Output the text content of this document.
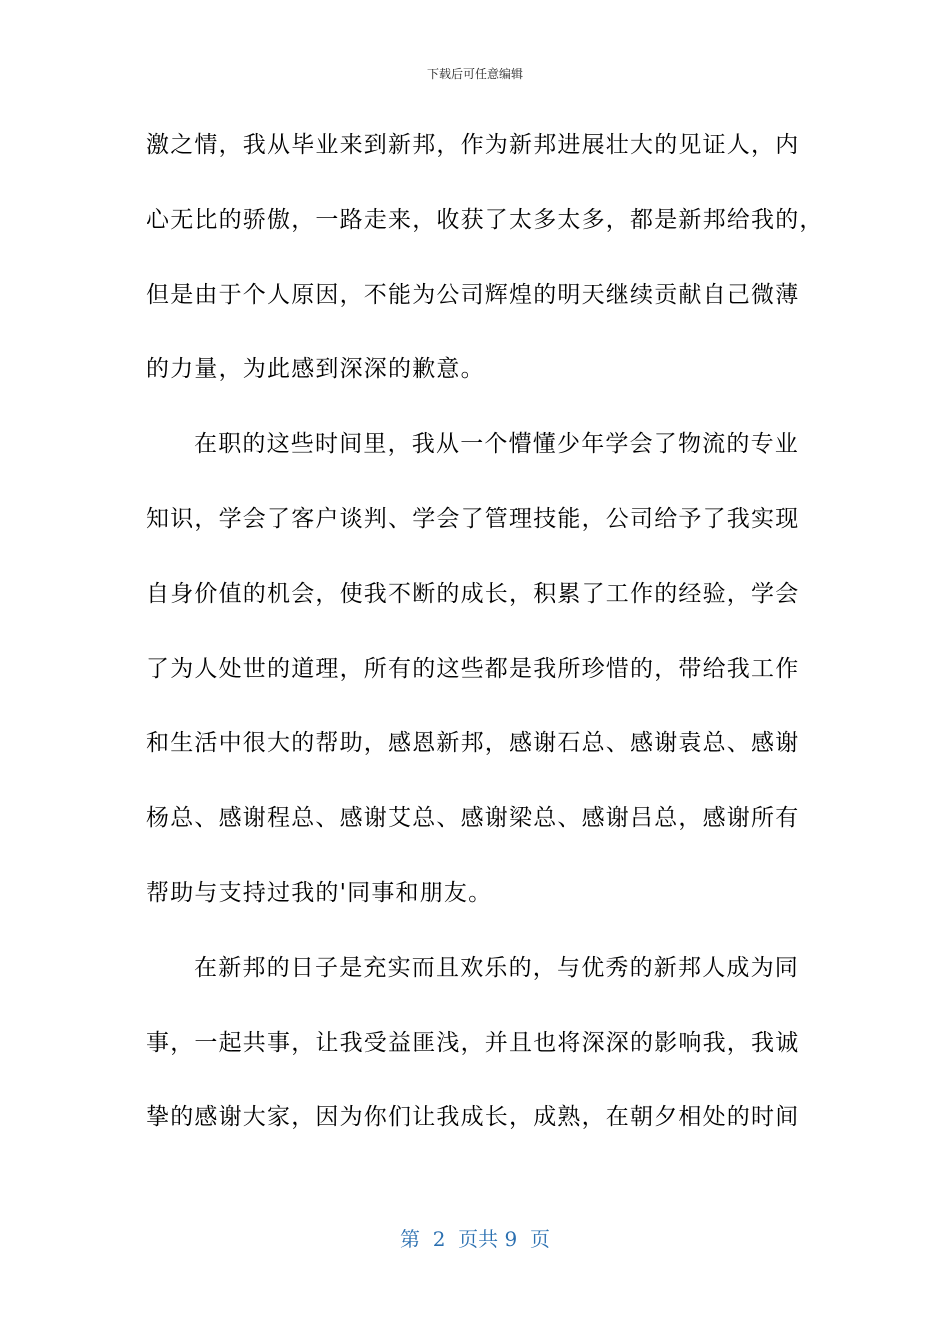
下载后可任意编辑
激之情，我从毕业来到新邦，作为新邦进展壮大的见证人，内
心无比的骄傲，一路走来，收获了太多太多，都是新邦给我的，
但是由于个人原因，不能为公司辉煌的明天继续贡献自己微薄
的力量，为此感到深深的歉意。
在职的这些时间里，我从一个懵懂少年学会了物流的专业
知识，学会了客户谈判、学会了管理技能，公司给予了我实现
自身价值的机会，使我不断的成长，积累了工作的经验，学会
了为人处世的道理，所有的这些都是我所珍惜的，带给我工作
和生活中很大的帮助，感恩新邦，感谢石总、感谢袁总、感谢
杨总、感谢程总、感谢艾总、感谢梁总、感谢吕总，感谢所有
帮助与支持过我的'同事和朋友。
在新邦的日子是充实而且欢乐的，与优秀的新邦人成为同
事，一起共事，让我受益匪浅，并且也将深深的影响我，我诚
挚的感谢大家，因为你们让我成长，成熟，在朝夕相处的时间
第  2  页共 9  页
